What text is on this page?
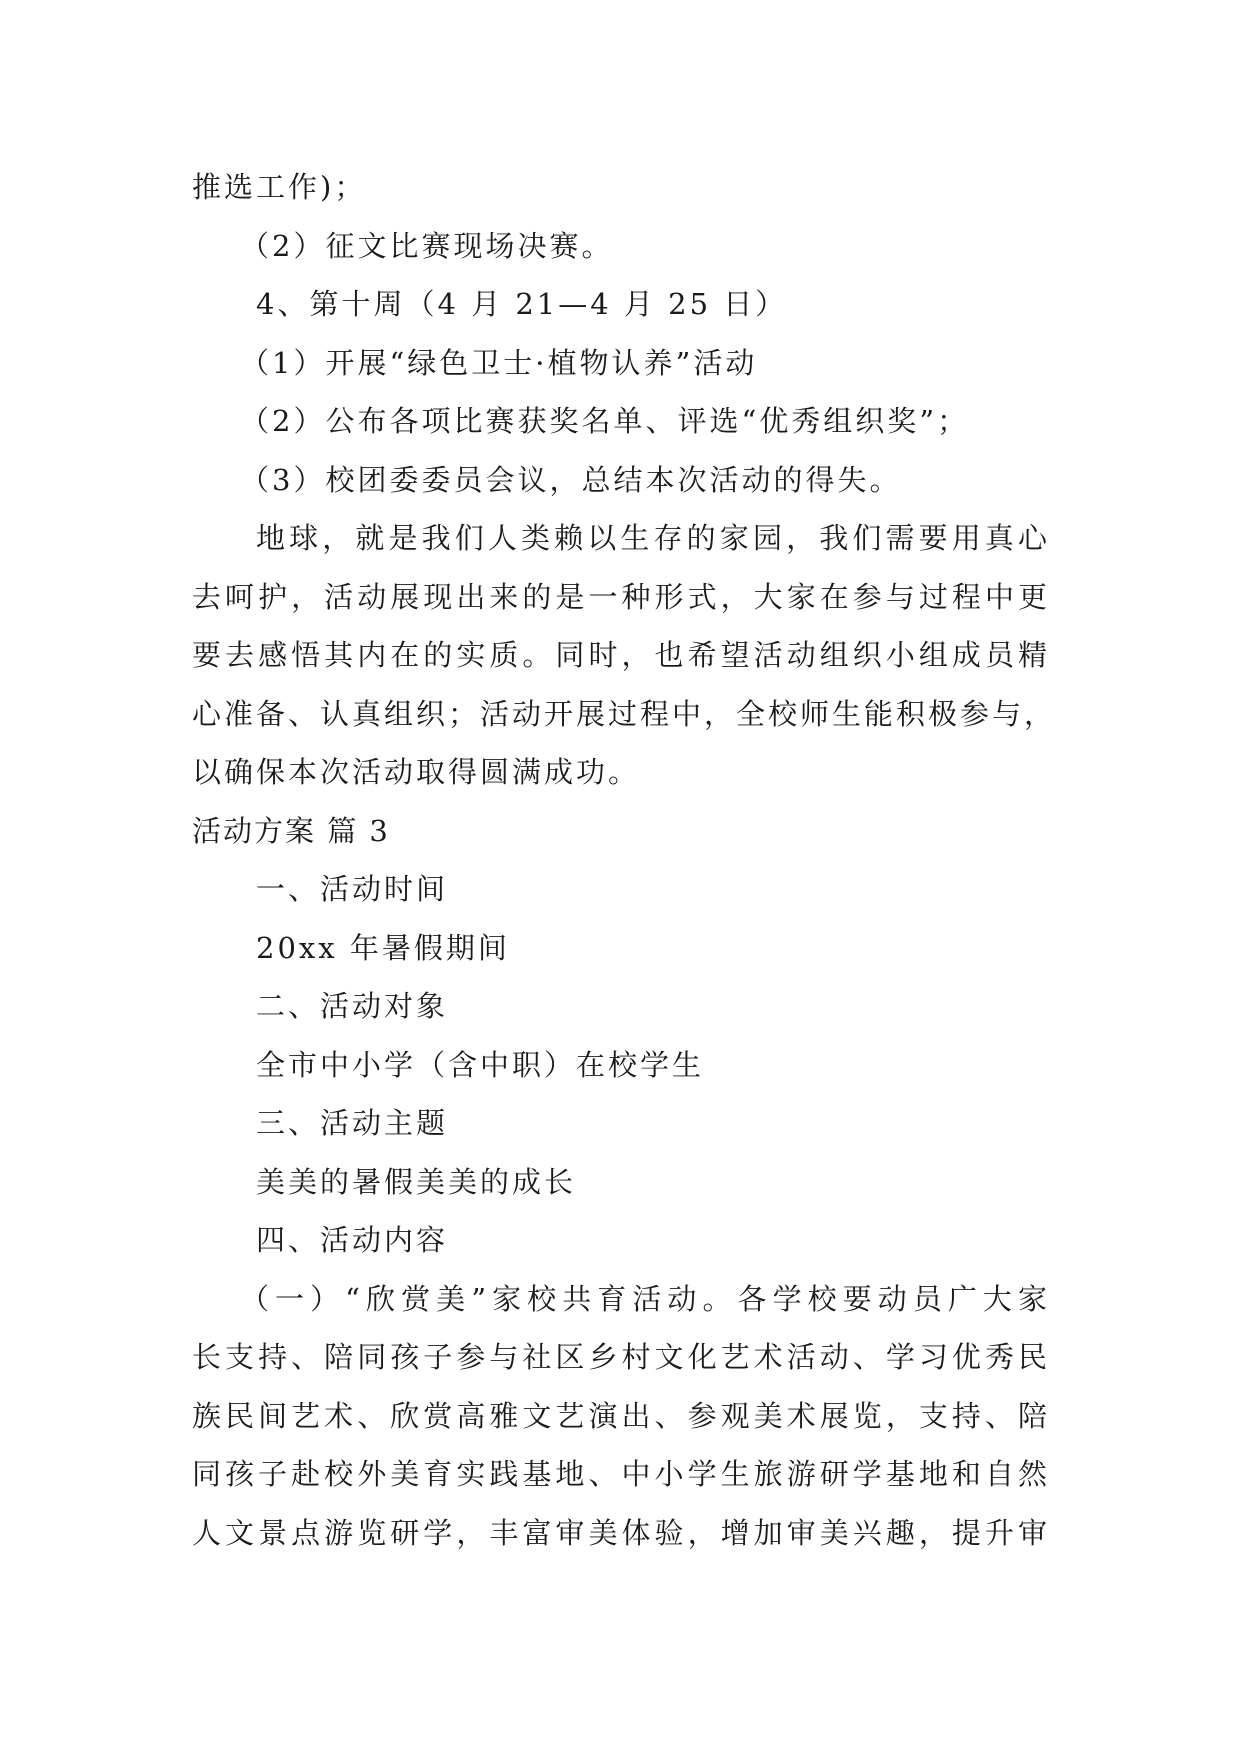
推选工作)；

（2）征文比赛现场决赛。

4、第十周（4 月 21—4 月 25 日）

（1）开展“绿色卫士·植物认养”活动

（2）公布各项比赛获奖名单、评选“优秀组织奖”；

（3）校团委委员会议，总结本次活动的得失。

地球，就是我们人类赖以生存的家园，我们需要用真心
去呵护，活动展现出来的是一种形式，大家在参与过程中更
要去感悟其内在的实质。同时，也希望活动组织小组成员精
心准备、认真组织；活动开展过程中，全校师生能积极参与，
以确保本次活动取得圆满成功。

活动方案 篇 3

一、活动时间

20xx 年暑假期间

二、活动对象

全市中小学（含中职）在校学生

三、活动主题

美美的暑假美美的成长

四、活动内容

（一）“欣赏美”家校共育活动。各学校要动员广大家
长支持、陪同孩子参与社区乡村文化艺术活动、学习优秀民
族民间艺术、欣赏高雅文艺演出、参观美术展览，支持、陪
同孩子赴校外美育实践基地、中小学生旅游研学基地和自然
人文景点游览研学，丰富审美体验，增加审美兴趣，提升审
